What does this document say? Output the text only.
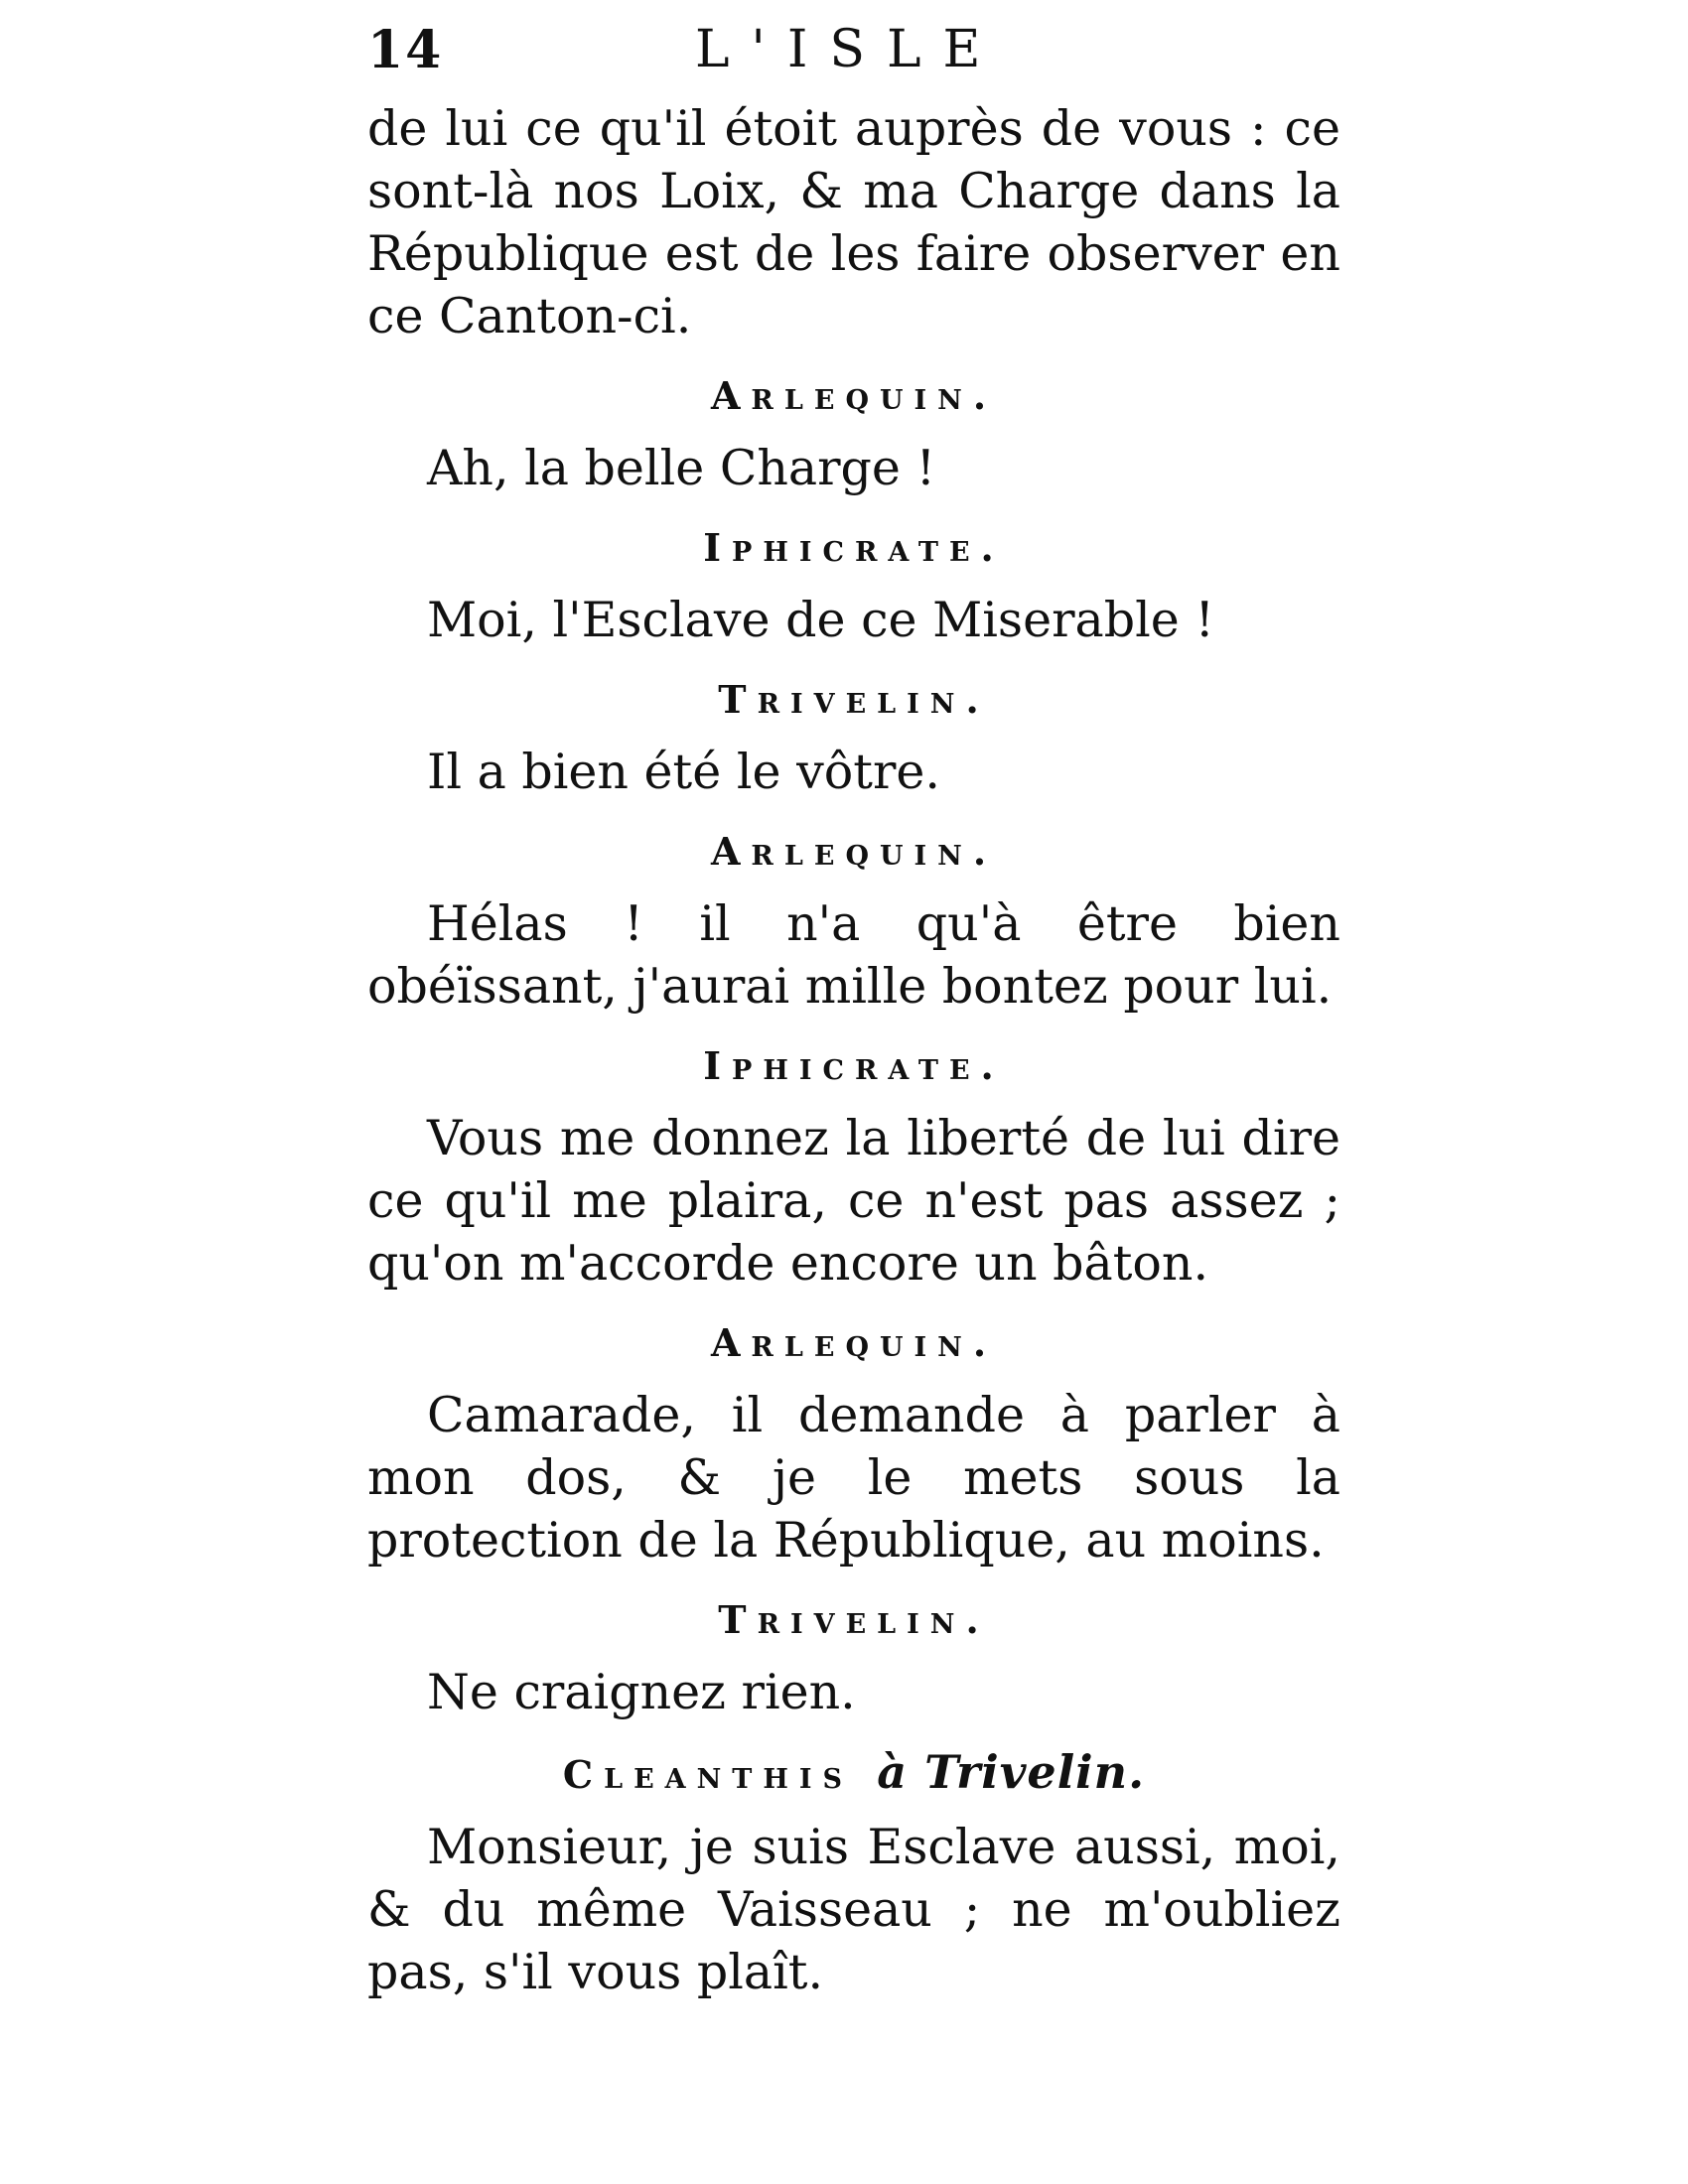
14	L'ISLE

de lui ce qu'il étoit auprès de vous : ce sont-là nos Loix, & ma Charge dans la République est de les faire observer en ce Canton-ci.

Arlequin.

Ah, la belle Charge !

Iphicrate.

Moi, l'Esclave de ce Miserable !

Trivelin.

Il a bien été le vôtre.

Arlequin.

Hélas ! il n'a qu'à être bien obéïssant, j'aurai mille bontez pour lui.

Iphicrate.

Vous me donnez la liberté de lui dire ce qu'il me plaira, ce n'est pas assez ; qu'on m'accorde encore un bâton.

Arlequin.

Camarade, il demande à parler à mon dos, & je le mets sous la protection de la République, au moins.

Trivelin.

Ne craignez rien.

Cleanthis à Trivelin.

Monsieur, je suis Esclave aussi, moi, & du même Vaisseau ; ne m'oubliez pas, s'il vous plaît.
